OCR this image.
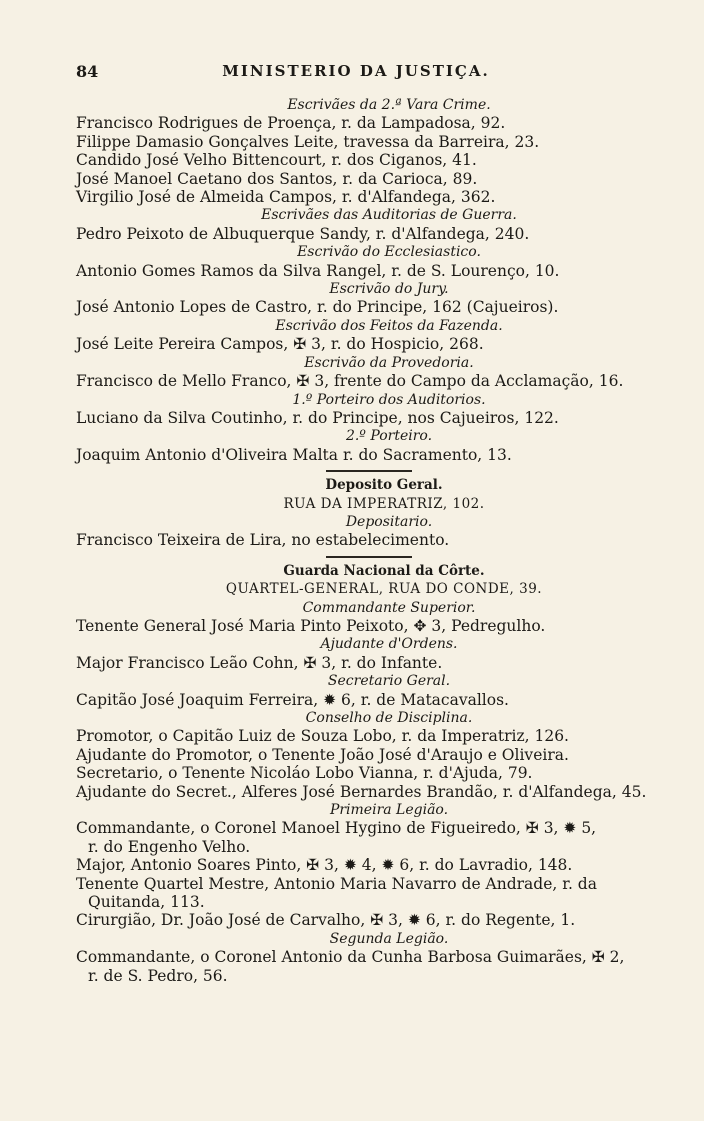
84	MINISTERIO DA JUSTIÇA.
Escrivães da 2.ª Vara Crime.
Francisco Rodrigues de Proença, r. da Lampadosa, 92.
Filippe Damasio Gonçalves Leite, travessa da Barreira, 23.
Candido José Velho Bittencourt, r. dos Ciganos, 41.
José Manoel Caetano dos Santos, r. da Carioca, 89.
Virgilio José de Almeida Campos, r. d'Alfandega, 362.
Escrivães das Auditorias de Guerra.
Pedro Peixoto de Albuquerque Sandy, r. d'Alfandega, 240.
Escrivão do Ecclesiastico.
Antonio Gomes Ramos da Silva Rangel, r. de S. Lourenço, 10.
Escrivão do Jury.
José Antonio Lopes de Castro, r. do Principe, 162 (Cajueiros).
Escrivão dos Feitos da Fazenda.
José Leite Pereira Campos, ✠ 3, r. do Hospicio, 268.
Escrivão da Provedoria.
Francisco de Mello Franco, ✠ 3, frente do Campo da Acclamação, 16.
1.º Porteiro dos Auditorios.
Luciano da Silva Coutinho, r. do Principe, nos Cajueiros, 122.
2.º Porteiro.
Joaquim Antonio d'Oliveira Malta r. do Sacramento, 13.
Deposito Geral.
RUA DA IMPERATRIZ, 102.
Depositario.
Francisco Teixeira de Lira, no estabelecimento.
Guarda Nacional da Côrte.
QUARTEL-GENERAL, RUA DO CONDE, 39.
Commandante Superior.
Tenente General José Maria Pinto Peixoto, ✥ 3, Pedregulho.
Ajudante d'Ordens.
Major Francisco Leão Cohn, ✠ 3, r. do Infante.
Secretario Geral.
Capitão José Joaquim Ferreira, ✹ 6, r. de Matacavallos.
Conselho de Disciplina.
Promotor, o Capitão Luiz de Souza Lobo, r. da Imperatriz, 126.
Ajudante do Promotor, o Tenente João José d'Araujo e Oliveira.
Secretario, o Tenente Nicoláo Lobo Vianna, r. d'Ajuda, 79.
Ajudante do Secret., Alferes José Bernardes Brandão, r. d'Alfandega, 45.
Primeira Legião.
Commandante, o Coronel Manoel Hygino de Figueiredo, ✠ 3, ✹ 5,
r. do Engenho Velho.
Major, Antonio Soares Pinto, ✠ 3, ✹ 4, ✹ 6, r. do Lavradio, 148.
Tenente Quartel Mestre, Antonio Maria Navarro de Andrade, r. da
Quitanda, 113.
Cirurgião, Dr. João José de Carvalho, ✠ 3, ✹ 6, r. do Regente, 1.
Segunda Legião.
Commandante, o Coronel Antonio da Cunha Barbosa Guimarães, ✠ 2,
r. de S. Pedro, 56.
